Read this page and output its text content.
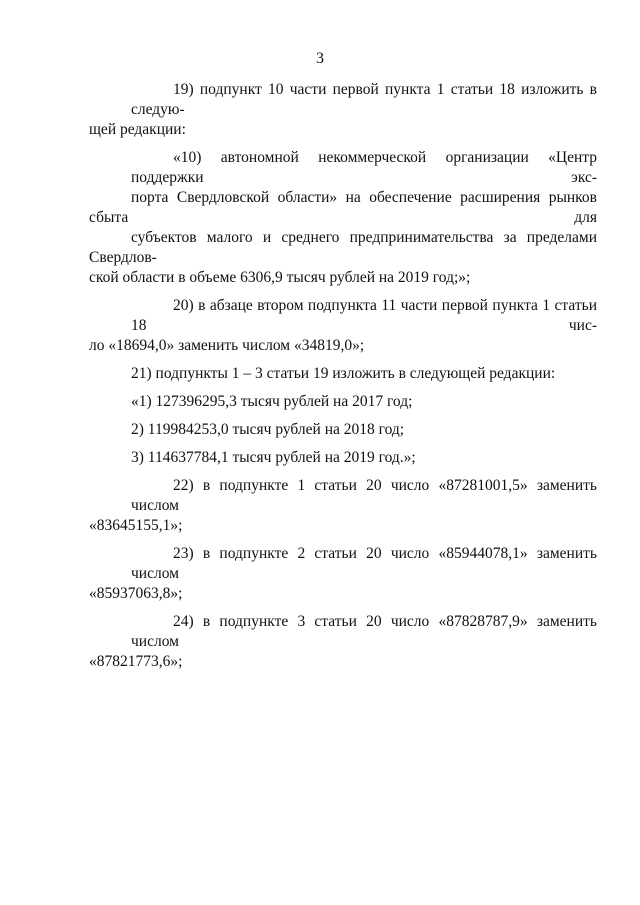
3
19) подпункт 10 части первой пункта 1 статьи 18 изложить в следую-
щей редакции:
«10) автономной некоммерческой организации «Центр поддержки экс-
порта Свердловской области» на обеспечение расширения рынков сбыта для
субъектов малого и среднего предпринимательства за пределами Свердлов-
ской области в объеме 6306,9 тысяч рублей на 2019 год;»;
20) в абзаце втором подпункта 11 части первой пункта 1 статьи 18 чис-
ло «18694,0» заменить числом «34819,0»;
21) подпункты 1 – 3 статьи 19 изложить в следующей редакции:
«1) 127396295,3 тысяч рублей на 2017 год;
2) 119984253,0 тысяч рублей на 2018 год;
3) 114637784,1 тысяч рублей на 2019 год.»;
22) в подпункте 1 статьи 20 число «87281001,5» заменить числом
«83645155,1»;
23) в подпункте 2 статьи 20 число «85944078,1» заменить числом
«85937063,8»;
24) в подпункте 3 статьи 20 число «87828787,9» заменить числом
«87821773,6»;
